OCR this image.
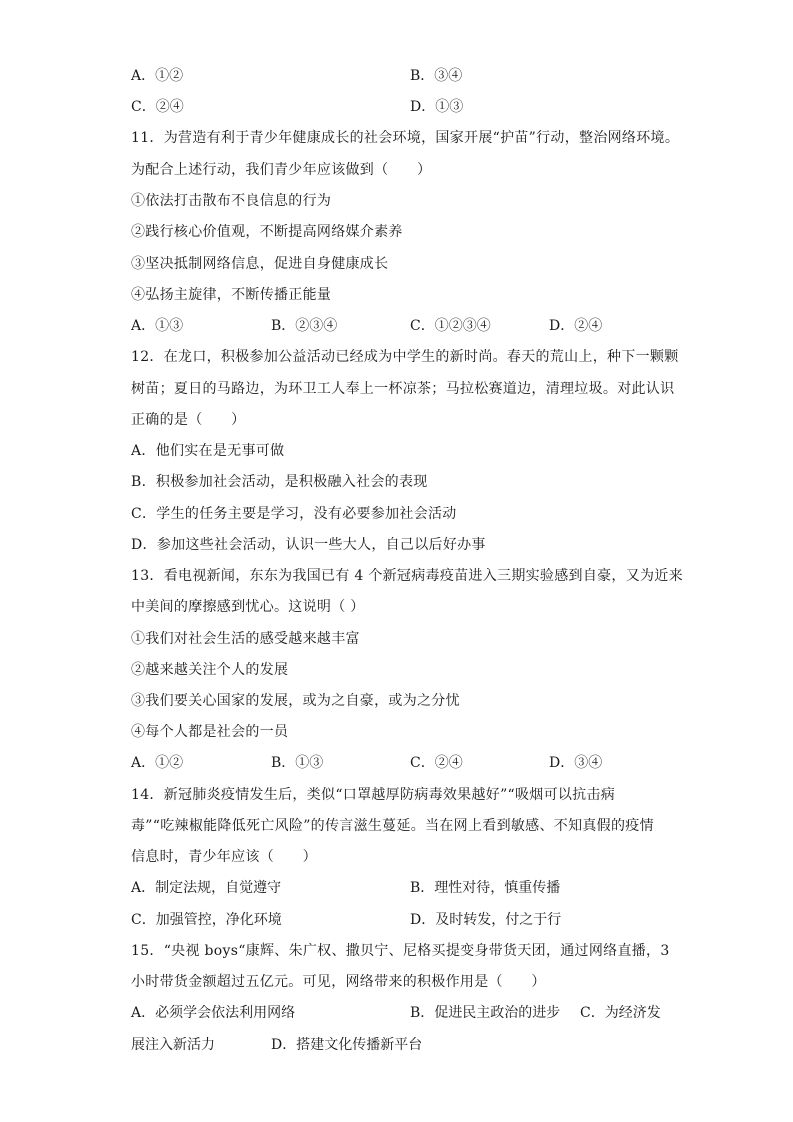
A．①②	B．③④
C．②④	D．①③
11．为营造有利于青少年健康成长的社会环境，国家开展“护苗”行动，整治网络环境。
为配合上述行动，我们青少年应该做到（　　）
①依法打击散布不良信息的行为
②践行核心价值观，不断提高网络媒介素养
③坚决抵制网络信息，促进自身健康成长
④弘扬主旋律，不断传播正能量
A．①③	B．②③④	C．①②③④	D．②④
12．在龙口，积极参加公益活动已经成为中学生的新时尚。春天的荒山上，种下一颗颗
树苗；夏日的马路边，为环卫工人奉上一杯凉茶；马拉松赛道边，清理垃圾。对此认识
正确的是（　　）
A．他们实在是无事可做
B．积极参加社会活动，是积极融入社会的表现
C．学生的任务主要是学习，没有必要参加社会活动
D．参加这些社会活动，认识一些大人，自己以后好办事
13．看电视新闻，东东为我国已有 4 个新冠病毒疫苗进入三期实验感到自豪，又为近来
中美间的摩擦感到忧心。这说明（ ）
①我们对社会生活的感受越来越丰富
②越来越关注个人的发展
③我们要关心国家的发展，或为之自豪，或为之分忧
④每个人都是社会的一员
A．①②	B．①③	C．②④	D．③④
14．新冠肺炎疫情发生后，类似“口罩越厚防病毒效果越好”“吸烟可以抗击病
毒”“吃辣椒能降低死亡风险”的传言滋生蔓延。当在网上看到敏感、不知真假的疫情
信息时，青少年应该（　　）
A．制定法规，自觉遵守	B．理性对待，慎重传播
C．加强管控，净化环境	D．及时转发，付之于行
15．“央视 boys“康辉、朱广权、撒贝宁、尼格买提变身带货天团，通过网络直播，3
小时带货金额超过五亿元。可见，网络带来的积极作用是（　　）
A．必须学会依法利用网络	B．促进民主政治的进步 C．为经济发
展注入新活力	D．搭建文化传播新平台
